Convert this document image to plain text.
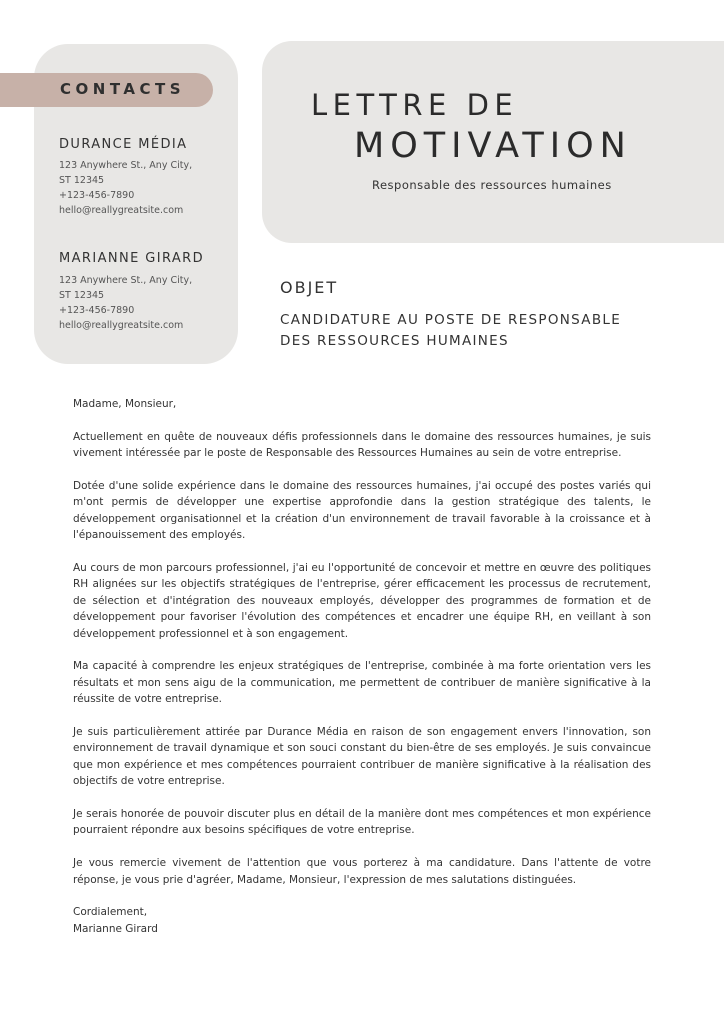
CONTACTS
DURANCE MÉDIA
123 Anywhere St., Any City,
ST 12345
+123-456-7890
hello@reallygreatsite.com
MARIANNE GIRARD
123 Anywhere St., Any City,
ST 12345
+123-456-7890
hello@reallygreatsite.com
LETTRE DE
MOTIVATION
Responsable des ressources humaines
OBJET
CANDIDATURE AU POSTE DE RESPONSABLE
DES RESSOURCES HUMAINES

Madame, Monsieur,

Actuellement en quête de nouveaux défis professionnels dans le domaine des ressources humaines, je suis vivement intéressée par le poste de Responsable des Ressources Humaines au sein de votre entreprise.

Dotée d'une solide expérience dans le domaine des ressources humaines, j'ai occupé des postes variés qui m'ont permis de développer une expertise approfondie dans la gestion stratégique des talents, le développement organisationnel et la création d'un environnement de travail favorable à la croissance et à l'épanouissement des employés.

Au cours de mon parcours professionnel, j'ai eu l'opportunité de concevoir et mettre en œuvre des politiques RH alignées sur les objectifs stratégiques de l'entreprise, gérer efficacement les processus de recrutement, de sélection et d'intégration des nouveaux employés, développer des programmes de formation et de développement pour favoriser l'évolution des compétences et encadrer une équipe RH, en veillant à son développement professionnel et à son engagement.

Ma capacité à comprendre les enjeux stratégiques de l'entreprise, combinée à ma forte orientation vers les résultats et mon sens aigu de la communication, me permettent de contribuer de manière significative à la réussite de votre entreprise.

Je suis particulièrement attirée par Durance Média en raison de son engagement envers l'innovation, son environnement de travail dynamique et son souci constant du bien-être de ses employés. Je suis convaincue que mon expérience et mes compétences pourraient contribuer de manière significative à la réalisation des objectifs de votre entreprise.

Je serais honorée de pouvoir discuter plus en détail de la manière dont mes compétences et mon expérience pourraient répondre aux besoins spécifiques de votre entreprise.

Je vous remercie vivement de l'attention que vous porterez à ma candidature. Dans l'attente de votre réponse, je vous prie d'agréer, Madame, Monsieur, l'expression de mes salutations distinguées.

Cordialement,
Marianne Girard
